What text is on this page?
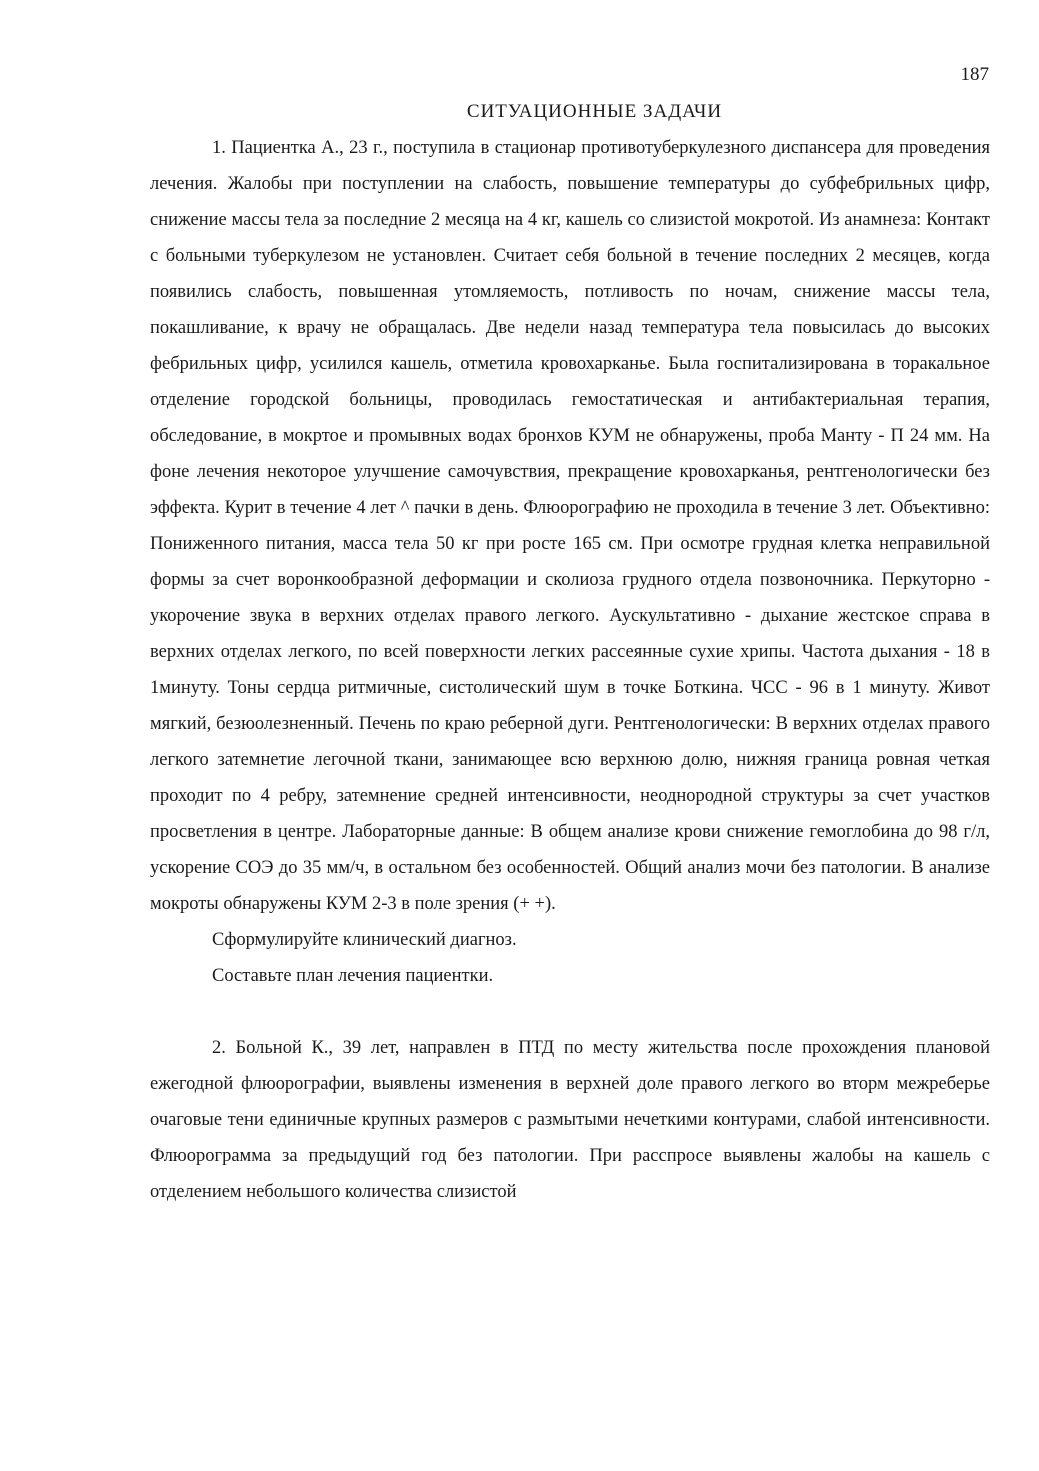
187
СИТУАЦИОННЫЕ ЗАДАЧИ

1. Пациентка А., 23 г., поступила в стационар противотуберкулезного диспансера для проведения лечения. Жалобы при поступлении на слабость, повышение температуры до субфебрильных цифр, снижение массы тела за последние 2 месяца на 4 кг, кашель со слизистой мокротой. Из анамнеза: Контакт с больными туберкулезом не установлен. Считает себя больной в течение последних 2 месяцев, когда появились слабость, повышенная утомляемость, потливость по ночам, снижение массы тела, покашливание, к врачу не обращалась. Две недели назад температура тела повысилась до высоких фебрильных цифр, усилился кашель, отметила кровохарканье. Была госпитализирована в торакальное отделение городской больницы, проводилась гемостатическая и антибактериальная терапия, обследование, в мокртое и промывных водах бронхов КУМ не обнаружены, проба Манту - П 24 мм. На фоне лечения некоторое улучшение самочувствия, прекращение кровохарканья, рентгенологически без эффекта. Курит в течение 4 лет ^ пачки в день. Флюорографию не проходила в течение 3 лет. Объективно: Пониженного питания, масса тела 50 кг при росте 165 см. При осмотре грудная клетка неправильной формы за счет воронкообразной деформации и сколиоза грудного отдела позвоночника. Перкуторно - укорочение звука в верхних отделах правого легкого. Аускультативно - дыхание жестское справа в верхних отделах легкого, по всей поверхности легких рассеянные сухие хрипы. Частота дыхания - 18 в 1минуту. Тоны сердца ритмичные, систолический шум в точке Боткина. ЧСС - 96 в 1 минуту. Живот мягкий, безюолезненный. Печень по краю реберной дуги. Рентгенологически: В верхних отделах правого легкого затемнетие легочной ткани, занимающее всю верхнюю долю, нижняя граница ровная четкая проходит по 4 ребру, затемнение средней интенсивности, неоднородной структуры за счет участков просветления в центре. Лабораторные данные: В общем анализе крови снижение гемоглобина до 98 г/л, ускорение СОЭ до 35 мм/ч, в остальном без особенностей. Общий анализ мочи без патологии. В анализе мокроты обнаружены КУМ 2-3 в поле зрения (+ +).

Сформулируйте клинический диагноз.

Составьте план лечения пациентки.

2. Больной К., 39 лет, направлен в ПТД по месту жительства после прохождения плановой ежегодной флюорографии, выявлены изменения в верхней доле правого легкого во вторм межреберье очаговые тени единичные крупных размеров с размытыми нечеткими контурами, слабой интенсивности. Флюорограмма за предыдущий год без патологии. При расспросе выявлены жалобы на кашель с отделением небольшого количества слизистой
